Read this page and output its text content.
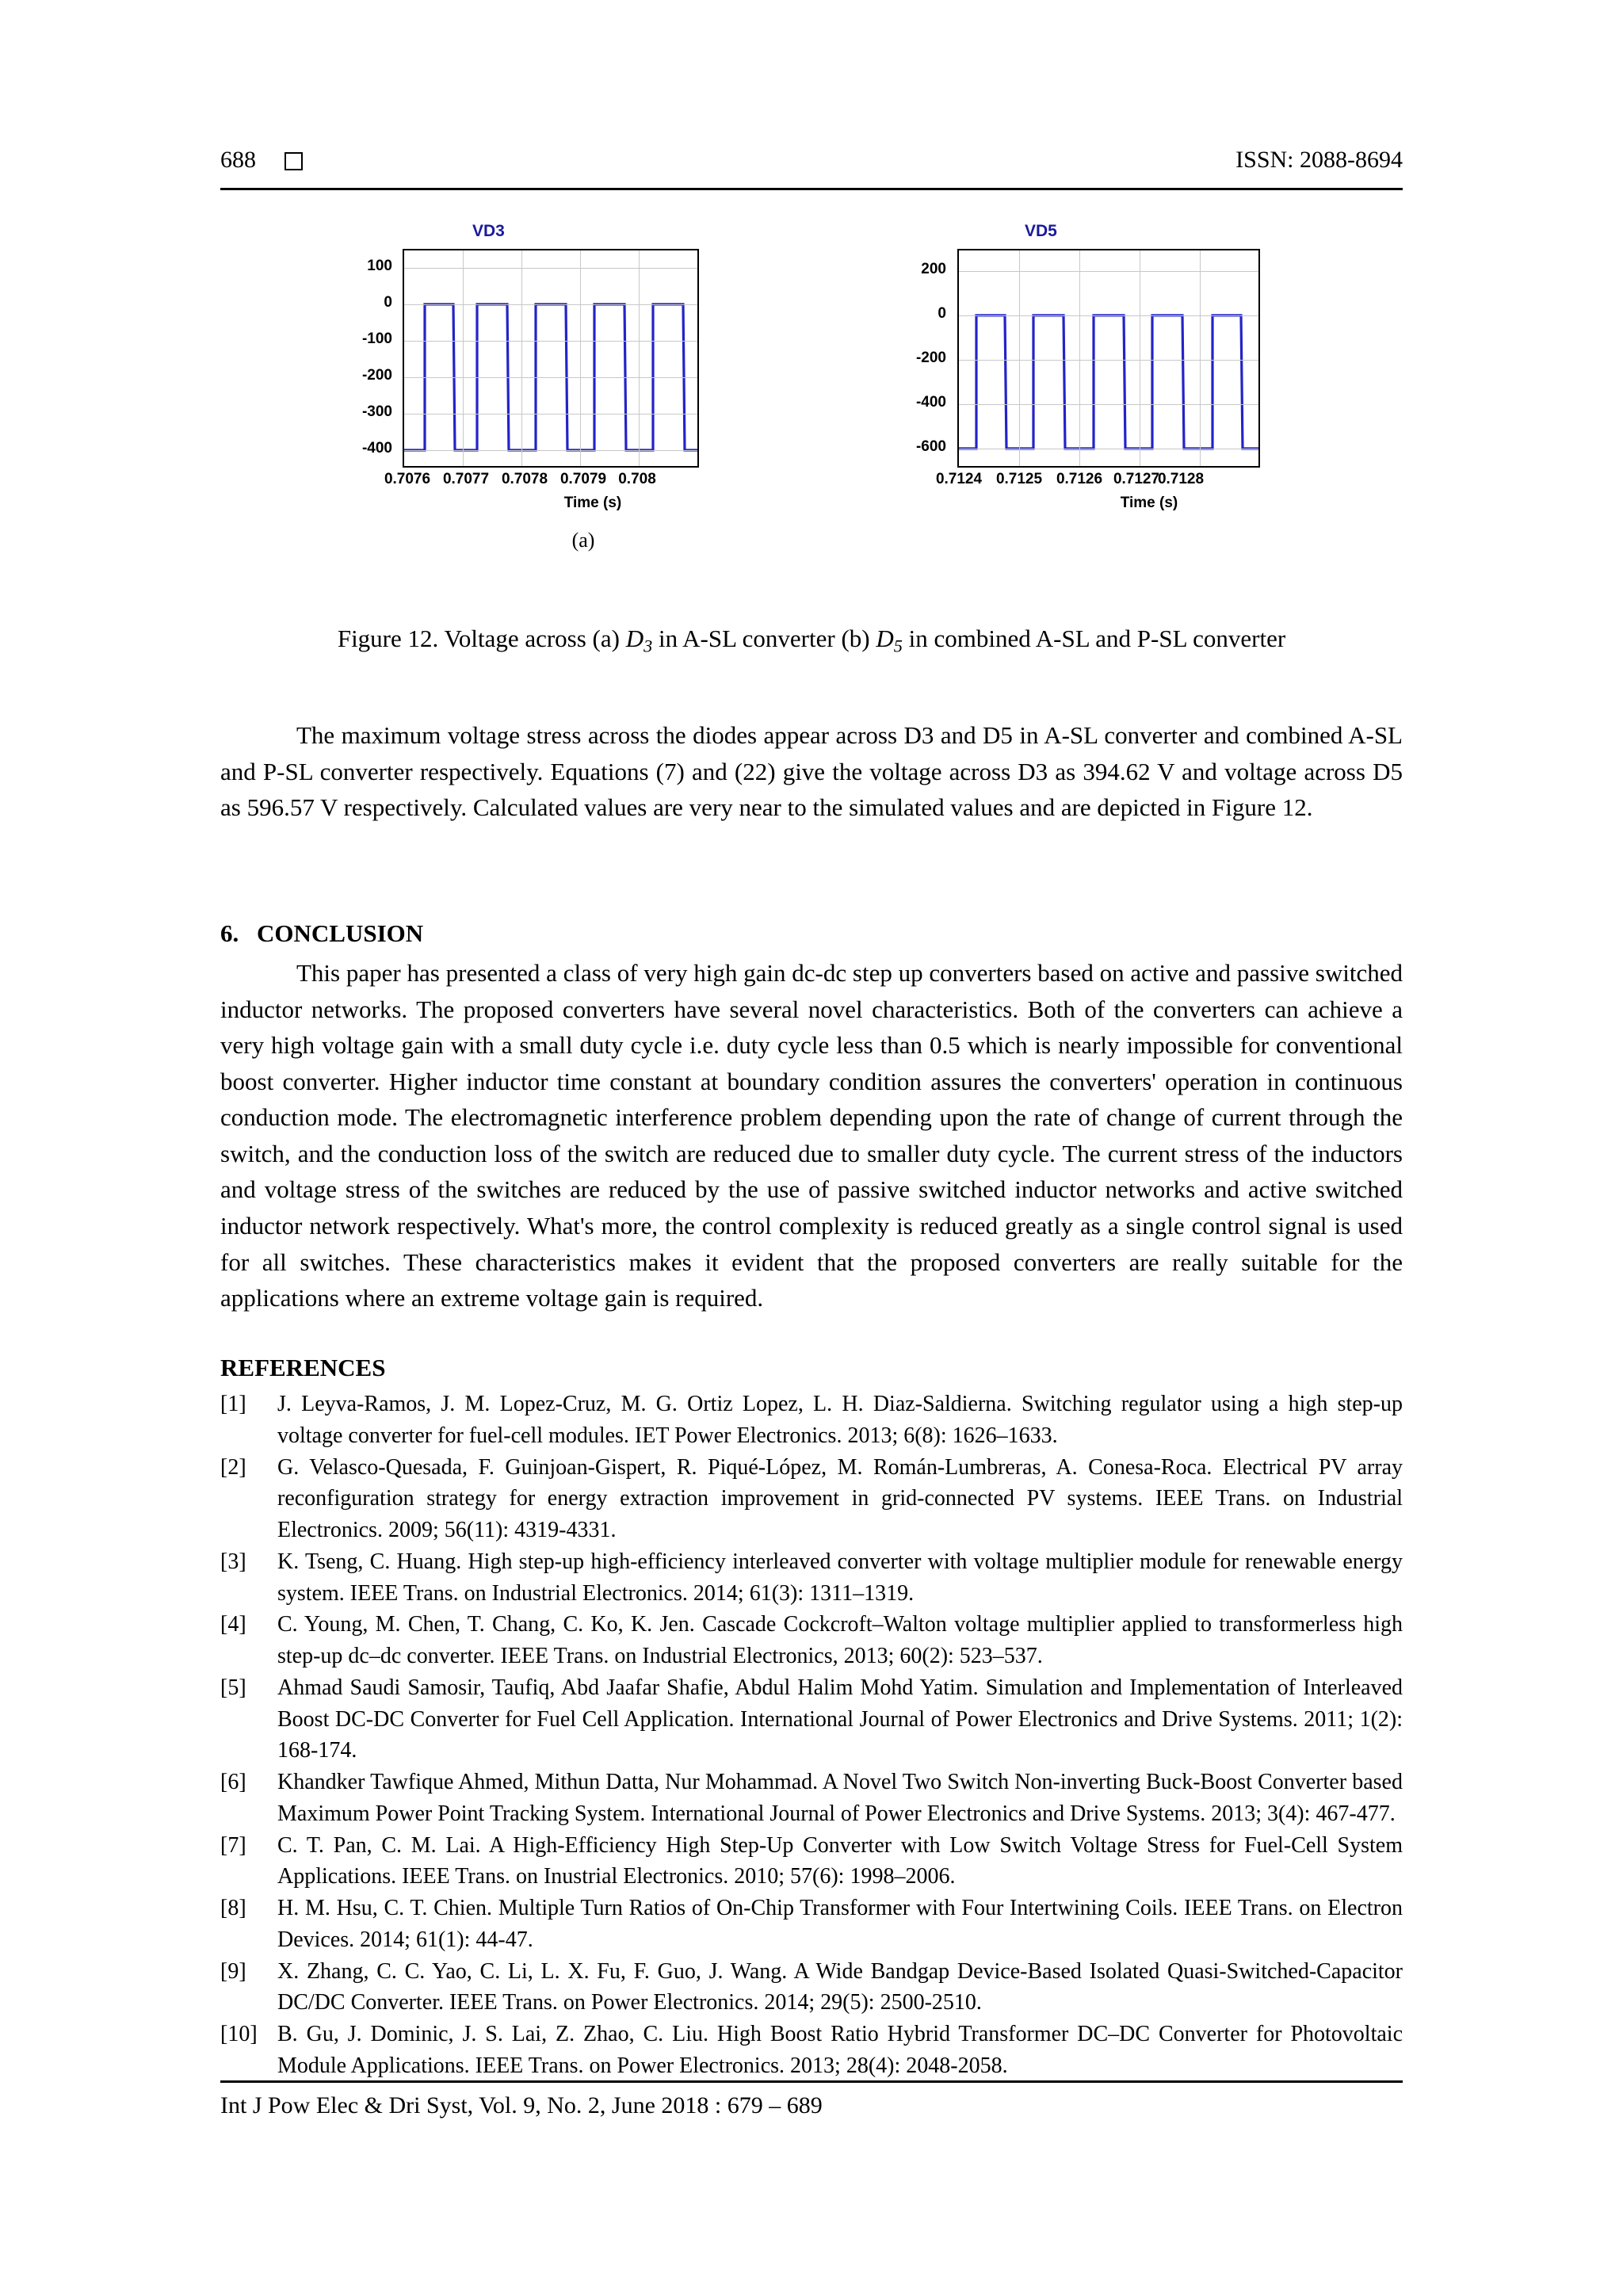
688	ISSN: 2088-8694
VD3
100
0
-100
-200
-300
-400
0.7076 0.7077 0.7078 0.7079 0.708
Time (s)
(a)
VD5
200
0
-200
-400
-600
0.7124 0.7125 0.7126 0.7127
0.7128
Time (s)
Figure 12. Voltage across (a) $D_3$ in A-SL converter (b) $D_5$ in combined A-SL and P-SL converter
The maximum voltage stress across the diodes appear across D3 and D5 in A-SL converter and combined A-SL and P-SL converter respectively. Equations (7) and (22) give the voltage across D3 as 394.62 V and voltage across D5 as 596.57 V respectively. Calculated values are very near to the simulated values and are depicted in Figure 12.
6. CONCLUSION
This paper has presented a class of very high gain dc-dc step up converters based on active and passive switched inductor networks. The proposed converters have several novel characteristics. Both of the converters can achieve a very high voltage gain with a small duty cycle i.e. duty cycle less than 0.5 which is nearly impossible for conventional boost converter. Higher inductor time constant at boundary condition assures the converters' operation in continuous conduction mode. The electromagnetic interference problem depending upon the rate of change of current through the switch, and the conduction loss of the switch are reduced due to smaller duty cycle. The current stress of the inductors and voltage stress of the switches are reduced by the use of passive switched inductor networks and active switched inductor network respectively. What's more, the control complexity is reduced greatly as a single control signal is used for all switches. These characteristics makes it evident that the proposed converters are really suitable for the applications where an extreme voltage gain is required.
REFERENCES
[1]	J. Leyva-Ramos, J. M. Lopez-Cruz, M. G. Ortiz Lopez, L. H. Diaz-Saldierna. Switching regulator using a high step-up voltage converter for fuel-cell modules. IET Power Electronics. 2013; 6(8): 1626–1633.
[2]	G. Velasco-Quesada, F. Guinjoan-Gispert, R. Piqué-López, M. Román-Lumbreras, A. Conesa-Roca. Electrical PV array reconfiguration strategy for energy extraction improvement in grid-connected PV systems. IEEE Trans. on Industrial Electronics. 2009; 56(11): 4319-4331.
[3]	K. Tseng, C. Huang. High step-up high-efficiency interleaved converter with voltage multiplier module for renewable energy system. IEEE Trans. on Industrial Electronics. 2014; 61(3): 1311–1319.
[4]	C. Young, M. Chen, T. Chang, C. Ko, K. Jen. Cascade Cockcroft–Walton voltage multiplier applied to transformerless high step-up dc–dc converter. IEEE Trans. on Industrial Electronics, 2013; 60(2): 523–537.
[5]	Ahmad Saudi Samosir, Taufiq, Abd Jaafar Shafie, Abdul Halim Mohd Yatim. Simulation and Implementation of Interleaved Boost DC-DC Converter for Fuel Cell Application. International Journal of Power Electronics and Drive Systems. 2011; 1(2): 168-174.
[6]	Khandker Tawfique Ahmed, Mithun Datta, Nur Mohammad. A Novel Two Switch Non-inverting Buck-Boost Converter based Maximum Power Point Tracking System. International Journal of Power Electronics and Drive Systems. 2013; 3(4): 467-477.
[7]	C. T. Pan, C. M. Lai. A High-Efficiency High Step-Up Converter with Low Switch Voltage Stress for Fuel-Cell System Applications. IEEE Trans. on Inustrial Electronics. 2010; 57(6): 1998–2006.
[8]	H. M. Hsu, C. T. Chien. Multiple Turn Ratios of On-Chip Transformer with Four Intertwining Coils. IEEE Trans. on Electron Devices. 2014; 61(1): 44-47.
[9]	X. Zhang, C. C. Yao, C. Li, L. X. Fu, F. Guo, J. Wang. A Wide Bandgap Device-Based Isolated Quasi-Switched-Capacitor DC/DC Converter. IEEE Trans. on Power Electronics. 2014; 29(5): 2500-2510.
[10] B. Gu, J. Dominic, J. S. Lai, Z. Zhao, C. Liu. High Boost Ratio Hybrid Transformer DC–DC Converter for Photovoltaic Module Applications. IEEE Trans. on Power Electronics. 2013; 28(4): 2048-2058.
Int J Pow Elec & Dri Syst, Vol. 9, No. 2, June 2018 : 679 – 689
